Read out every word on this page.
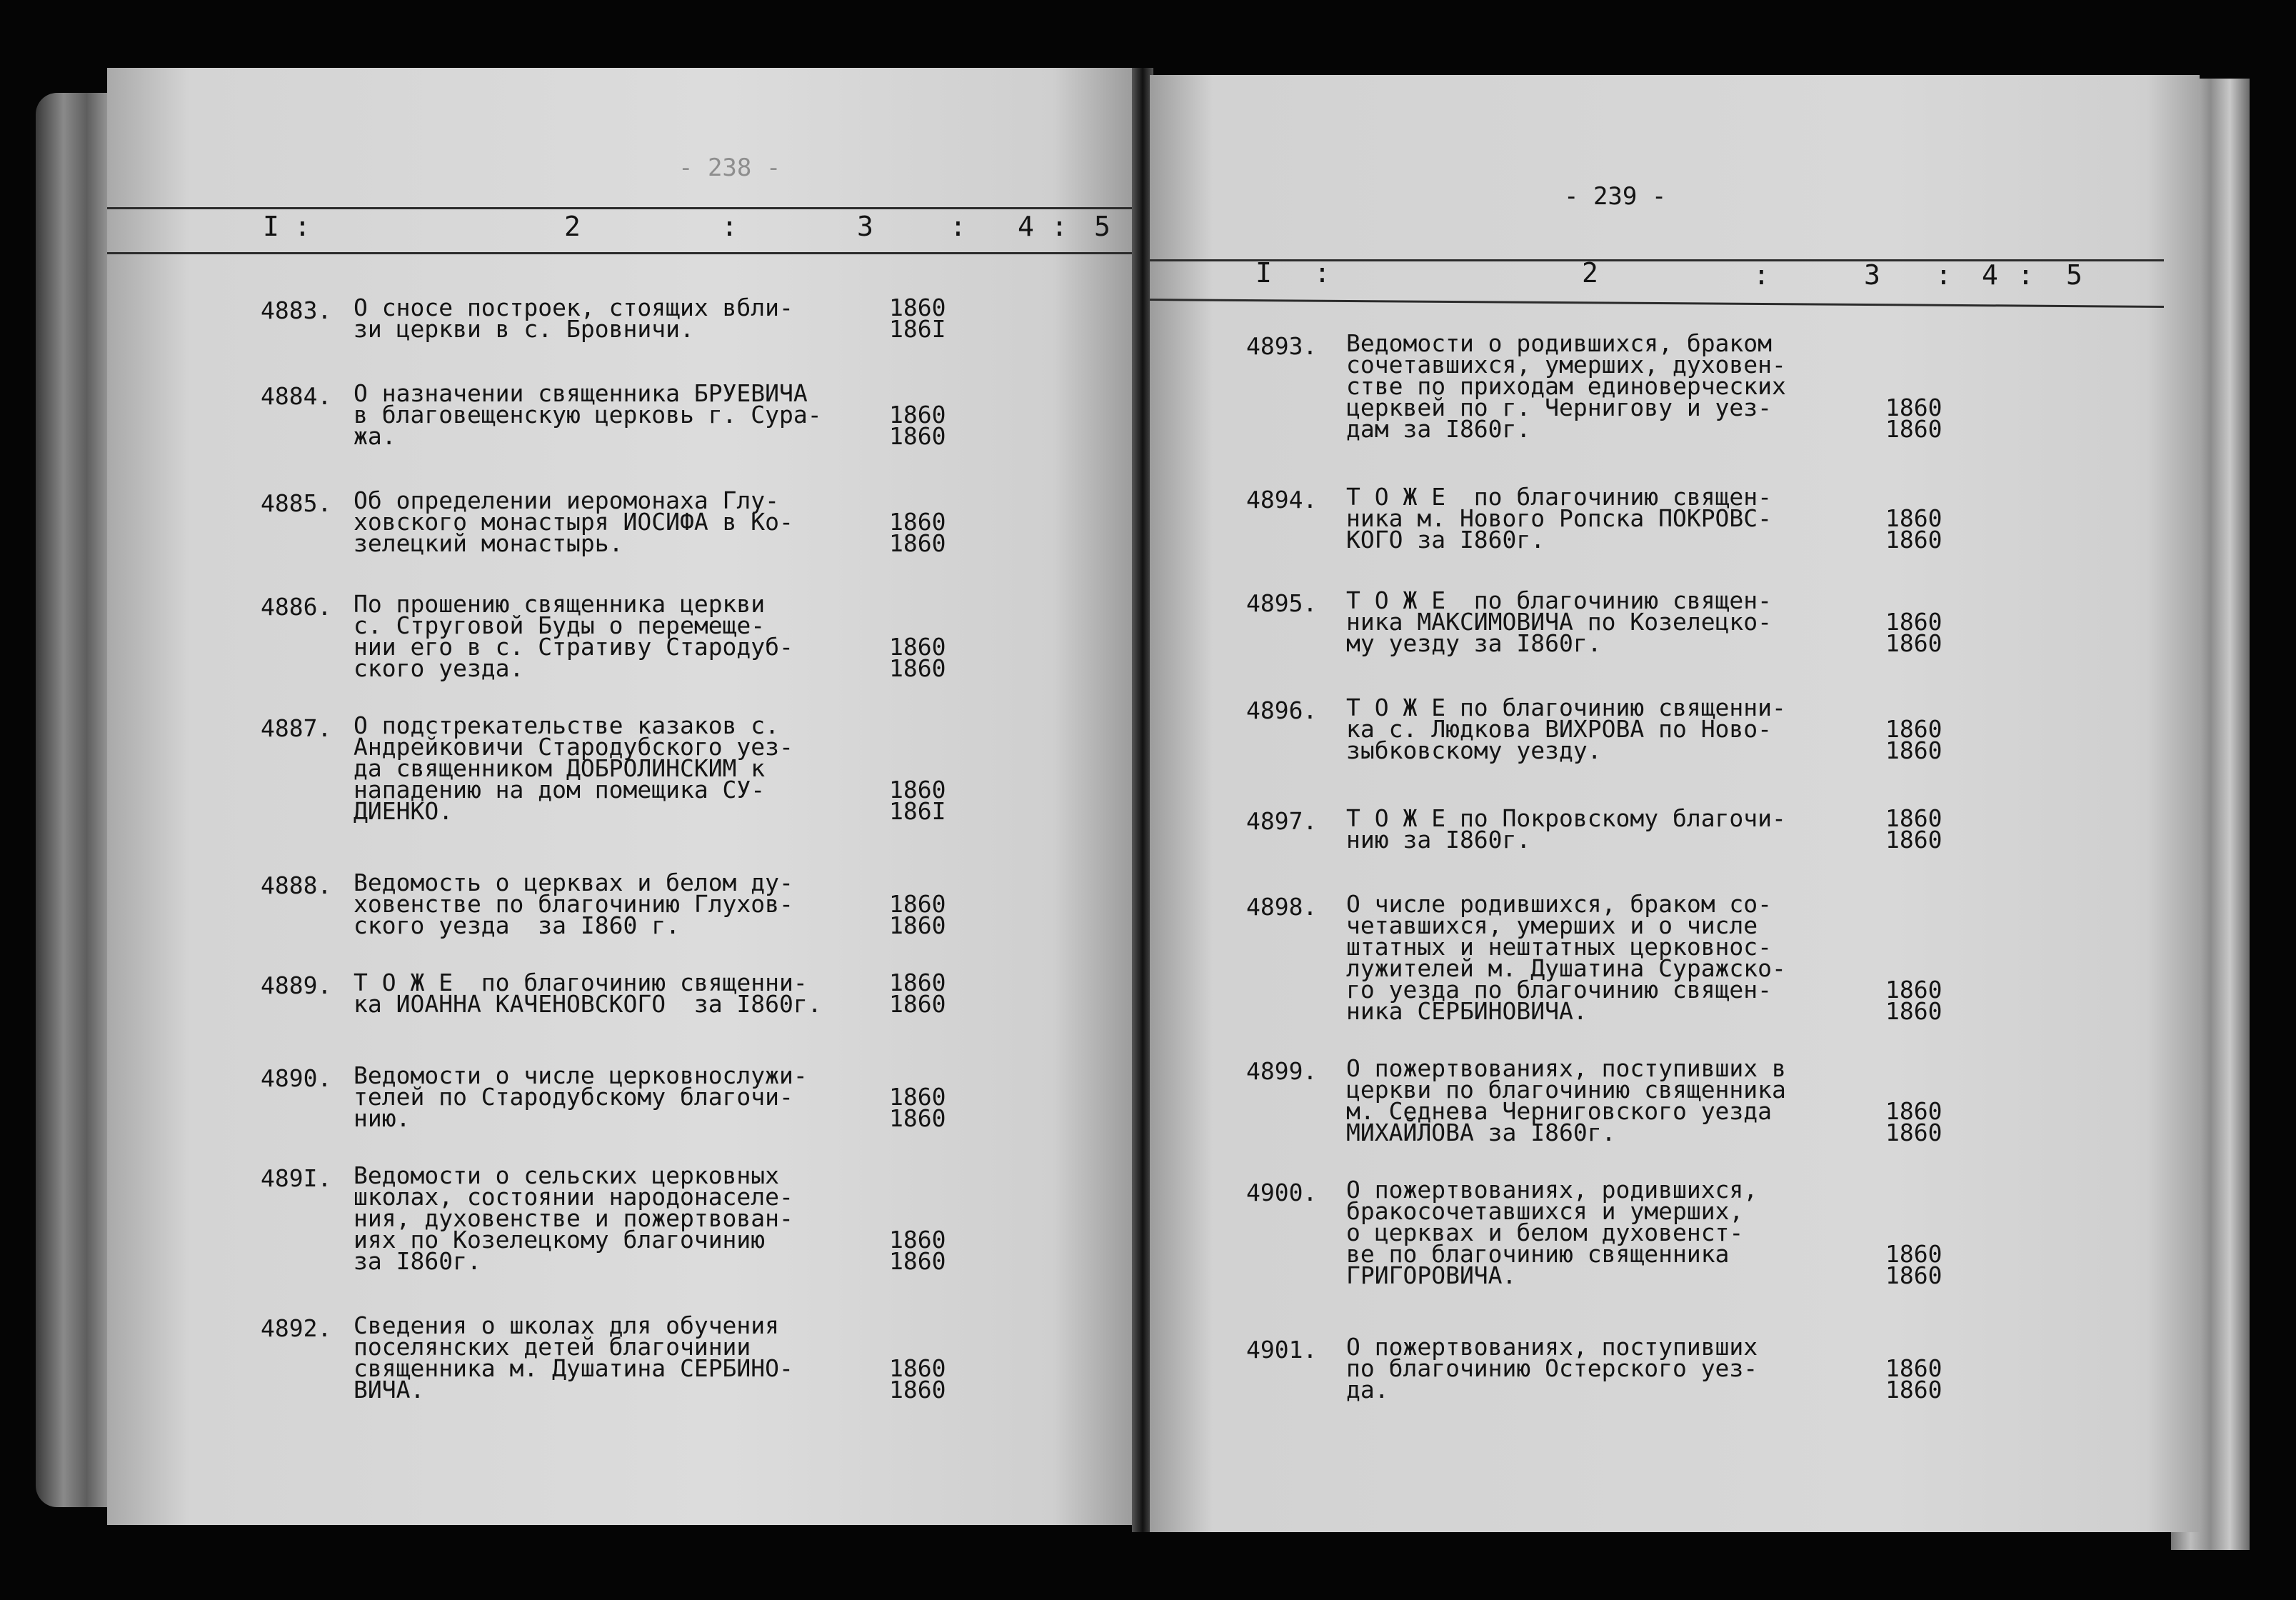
- 238 -
I :	2	:	3	: 4 : 5
4883. О сносе построек, стоящих вбли-
зи церкви в с. Бровничи.
1860
186I
4884. О назначении священника БРУЕВИЧА
в благовещенскую церковь г. Сура-
жа.
1860
1860
4885. Об определении иеромонаха Глу-
ховского монастыря ИОСИФА в Ко-
зелецкий монастырь.
1860
1860
4886. По прошению священника церкви
с. Струговой Буды о перемеще-
нии его в с. Стративу Стародуб-
ского уезда.
1860
1860
4887. О подстрекательстве казаков с.
Андрейковичи Стародубского уез-
да священником ДОБРОЛИНСКИМ к
нападению на дом помещика СУ-
ДИЕНКО.
1860
186I
4888. Ведомость о церквах и белом ду-
ховенстве по благочинию Глухов-
ского уезда  за I860 г.
1860
1860
4889. Т О Ж Е  по благочинию священни-
ка ИОАННА КАЧЕНОВСКОГО  за I860г.
1860
1860
4890. Ведомости о числе церковнослужи-
телей по Стародубскому благочи-
нию.
1860
1860
489I. Ведомости о сельских церковных
школах, состоянии народонаселе-
ния, духовенстве и пожертвован-
иях по Козелецкому благочинию
за I860г.
1860
1860
4892. Сведения о школах для обучения
поселянских детей благочинии
священника м. Душатина СЕРБИНО-
ВИЧА.
1860
1860
- 239 -
I :	2	:	3 : 4 : 5
4893. Ведомости о родившихся, браком
сочетавшихся, умерших, духовен-
стве по приходам единоверческих
церквей по г. Чернигову и уез-
дам за I860г.
1860
1860
4894. Т О Ж Е  по благочинию священ-
ника м. Нового Ропска ПОКРОВС-
КОГО за I860г.
1860
1860
4895. Т О Ж Е  по благочинию священ-
ника МАКСИМОВИЧА по Козелецко-
му уезду за I860г.
1860
1860
4896. Т О Ж Е по благочинию священни-
ка с. Людкова ВИХРОВА по Ново-
зыбковскому уезду.
1860
1860
4897. Т О Ж Е по Покровскому благочи-
нию за I860г.
1860
1860
4898. О числе родившихся, браком со-
четавшихся, умерших и о числе
штатных и нештатных церковнос-
лужителей м. Душатина Суражско-
го уезда по благочинию священ-
ника СЕРБИНОВИЧА.
1860
1860
4899. О пожертвованиях, поступивших в
церкви по благочинию священника
м. Седнева Черниговского уезда
МИХАЙЛОВА за I860г.
1860
1860
4900. О пожертвованиях, родившихся,
бракосочетавшихся и умерших,
о церквах и белом духовенст-
ве по благочинию священника
ГРИГОРОВИЧА.
1860
1860
4901. О пожертвованиях, поступивших
по благочинию Остерского уез-
да.
1860
1860
